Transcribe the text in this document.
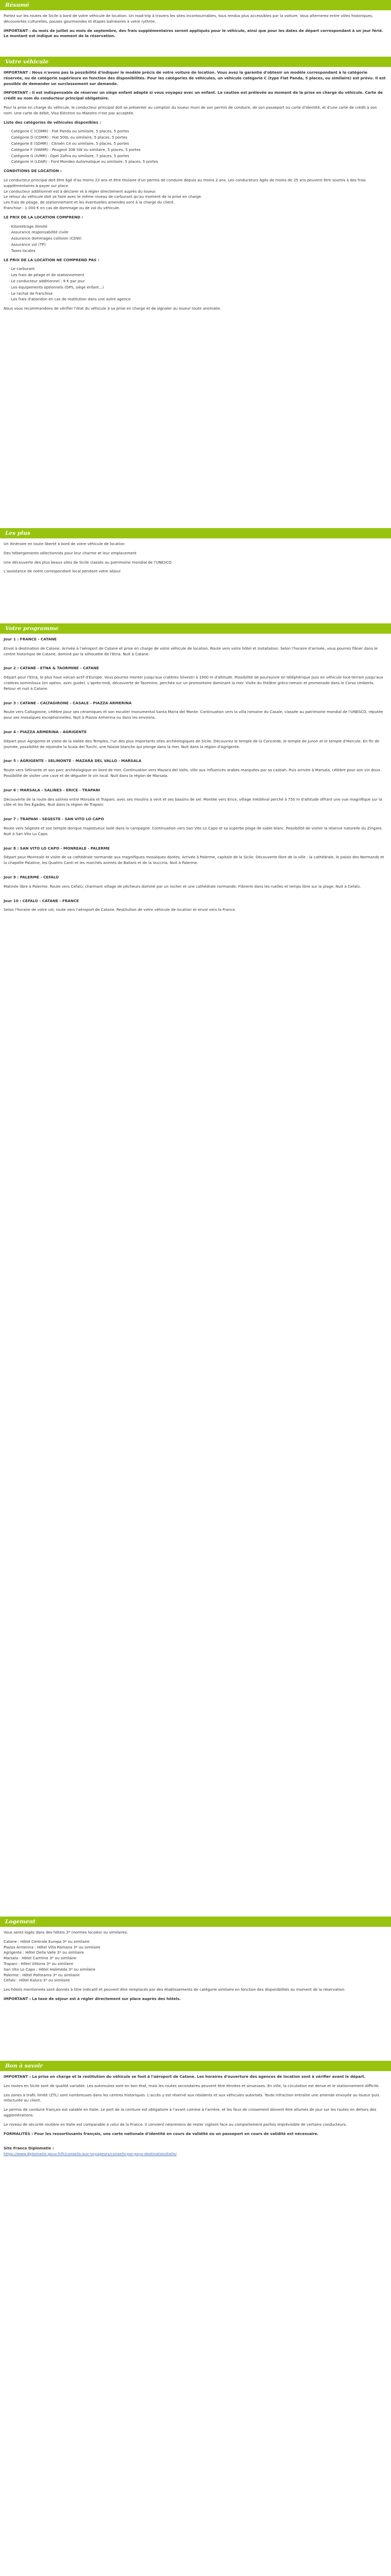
Résumé

Partez sur les routes de Sicile à bord de votre véhicule de location. Un road-trip à travers les sites incontournables, tous rendus plus accessibles par la voiture. Vous alternerez entre villes historiques, découvertes culturelles, pauses gourmandes et étapes balnéaires à votre rythme.

IMPORTANT : du mois de juillet au mois de septembre, des frais supplémentaires seront appliqués pour le véhicule, ainsi que pour les dates de départ correspondant à un jour férié. Le montant est indiqué au moment de la réservation.

Votre véhicule

IMPORTANT : Nous n'avons pas la possibilité d'indiquer le modèle précis de votre voiture de location. Vous avez la garantie d'obtenir un modèle correspondant à la catégorie réservée, ou de catégorie supérieure en fonction des disponibilités. Pour les catégories de véhicules, un véhicule catégorie C (type Fiat Panda, 5 places, ou similaire) est prévu. Il est possible de demander un surclassement sur demande.

IMPORTANT : Il est indispensable de réserver un siège enfant adapté si vous voyagez avec un enfant. La caution est prélevée au moment de la prise en charge du véhicule. Carte de crédit au nom du conducteur principal obligatoire.

Pour la prise en charge du véhicule, le conducteur principal doit se présenter au comptoir du loueur muni de son permis de conduire, de son passeport ou carte d'identité, et d'une carte de crédit à son nom. Une carte de débit, Visa Electron ou Maestro n'est pas acceptée.

Liste des catégories de véhicules disponibles :

· Catégorie C (CDMR) : Fiat Panda ou similaire, 5 places, 5 portes
· Catégorie D (CDMR) : Fiat 500L ou similaire, 5 places, 5 portes
· Catégorie E (SDMR) : Citroën C4 ou similaire, 5 places, 5 portes
· Catégorie F (SWMR) : Peugeot 308 SW ou similaire, 5 places, 5 portes
· Catégorie G (IVMR) : Opel Zafira ou similaire, 7 places, 5 portes
· Catégorie H (LDAR) : Ford Mondeo Automatique ou similaire, 5 places, 5 portes

CONDITIONS DE LOCATION :

Le conducteur principal doit être âgé d'au moins 23 ans et être titulaire d'un permis de conduire depuis au moins 2 ans. Les conducteurs âgés de moins de 25 ans peuvent être soumis à des frais supplémentaires à payer sur place.
Le conducteur additionnel est à déclarer et à régler directement auprès du loueur.
Le retour du véhicule doit se faire avec le même niveau de carburant qu'au moment de la prise en charge.
Les frais de péage, de stationnement et les éventuelles amendes sont à la charge du client.
Franchise : 1 000 € en cas de dommage ou de vol du véhicule.

LE PRIX DE LA LOCATION COMPREND :

· Kilométrage illimité
· Assurance responsabilité civile
· Assurance dommages collision (CDW)
· Assurance vol (TP)
· Taxes locales

LE PRIX DE LA LOCATION NE COMPREND PAS :

· Le carburant
· Les frais de péage et de stationnement
· Le conducteur additionnel : 9 € par jour
· Les équipements optionnels (GPS, siège enfant...)
· Le rachat de franchise
· Les frais d'abandon en cas de restitution dans une autre agence

Nous vous recommandons de vérifier l'état du véhicule à sa prise en charge et de signaler au loueur toute anomalie.

Les plus

Un itinéraire en toute liberté à bord de votre véhicule de location

Des hébergements sélectionnés pour leur charme et leur emplacement

Une découverte des plus beaux sites de Sicile classés au patrimoine mondial de l'UNESCO

L'assistance de notre correspondant local pendant votre séjour

Votre programme

Jour 1 : FRANCE - CATANE

Envol à destination de Catane. Arrivée à l'aéroport de Catane et prise en charge de votre véhicule de location. Route vers votre hôtel et installation. Selon l'horaire d'arrivée, vous pourrez flâner dans le centre historique de Catane, dominé par la silhouette de l'Etna. Nuit à Catane.

Jour 2 : CATANE - ETNA & TAORMINE - CATANE

Départ pour l'Etna, le plus haut volcan actif d'Europe. Vous pourrez monter jusqu'aux cratères Silvestri à 1900 m d'altitude. Possibilité de poursuivre en téléphérique puis en véhicule tout-terrain jusqu'aux cratères sommitaux (en option, avec guide). L'après-midi, découverte de Taormine, perchée sur un promontoire dominant la mer. Visite du théâtre gréco-romain et promenade dans le Corso Umberto. Retour et nuit à Catane.

Jour 3 : CATANE - CALTAGIRONE - CASALE - PIAZZA ARMERINA

Route vers Caltagirone, célèbre pour ses céramiques et son escalier monumental Santa Maria del Monte. Continuation vers la villa romaine du Casale, classée au patrimoine mondial de l'UNESCO, réputée pour ses mosaïques exceptionnelles. Nuit à Piazza Armerina ou dans les environs.

Jour 4 : PIAZZA ARMERINA - AGRIGENTE

Départ pour Agrigente et visite de la Vallée des Temples, l'un des plus importants sites archéologiques de Sicile. Découvrez le temple de la Concorde, le temple de Junon et le temple d'Hercule. En fin de journée, possibilité de rejoindre la Scala dei Turchi, une falaise blanche qui plonge dans la mer. Nuit dans la région d'Agrigente.

Jour 5 : AGRIGENTE - SELINONTE - MAZARA DEL VALLO - MARSALA

Route vers Sélinonte et son parc archéologique en bord de mer. Continuation vers Mazara del Vallo, ville aux influences arabes marquées par sa casbah. Puis arrivée à Marsala, célèbre pour son vin doux. Possibilité de visiter une cave et de déguster le vin local. Nuit dans la région de Marsala.

Jour 6 : MARSALA - SALINES - ERICE - TRAPANI

Découverte de la route des salines entre Marsala et Trapani, avec ses moulins à vent et ses bassins de sel. Montée vers Erice, village médiéval perché à 750 m d'altitude offrant une vue magnifique sur la côte et les îles Égades. Nuit dans la région de Trapani.

Jour 7 : TRAPANI - SEGESTE - SAN VITO LO CAPO

Route vers Ségeste et son temple dorique majestueux isolé dans la campagne. Continuation vers San Vito Lo Capo et sa superbe plage de sable blanc. Possibilité de visiter la réserve naturelle du Zingaro. Nuit à San Vito Lo Capo.

Jour 8 : SAN VITO LO CAPO - MONREALE - PALERME

Départ pour Monreale et visite de sa cathédrale normande aux magnifiques mosaïques dorées. Arrivée à Palerme, capitale de la Sicile. Découverte libre de la ville : la cathédrale, le palais des Normands et la chapelle Palatine, les Quattro Canti et les marchés animés de Ballarò et de la Vucciria. Nuit à Palerme.

Jour 9 : PALERME - CEFALÙ

Matinée libre à Palerme. Route vers Cefalù, charmant village de pêcheurs dominé par un rocher et une cathédrale normande. Flânerie dans les ruelles et temps libre sur la plage. Nuit à Cefalù.

Jour 10 : CEFALÙ - CATANE - FRANCE

Selon l'horaire de votre vol, route vers l'aéroport de Catane. Restitution de votre véhicule de location et envol vers la France.

Logement

Vous serez logés dans des hôtels 3* (normes locales) ou similaires.

Catane : Hôtel Centrale Europa 3* ou similaire
Piazza Armerina : Hôtel Villa Romana 3* ou similaire
Agrigente : Hôtel Della Valle 3* ou similaire
Marsala : Hôtel Carmine 3* ou similaire
Trapani : Hôtel Vittoria 3* ou similaire
San Vito Lo Capo : Hôtel Halimeda 3* ou similaire
Palerme : Hôtel Politeama 3* ou similaire
Cefalù : Hôtel Kalura 3* ou similaire

Les hôtels mentionnés sont donnés à titre indicatif et peuvent être remplacés par des établissements de catégorie similaire en fonction des disponibilités au moment de la réservation.

IMPORTANT : La taxe de séjour est à régler directement sur place auprès des hôtels.

Bon à savoir

IMPORTANT : La prise en charge et la restitution du véhicule se font à l'aéroport de Catane. Les horaires d'ouverture des agences de location sont à vérifier avant le départ.

Les routes en Sicile sont de qualité variable. Les autoroutes sont en bon état, mais les routes secondaires peuvent être étroites et sinueuses. En ville, la circulation est dense et le stationnement difficile.

Les zones à trafic limité (ZTL) sont nombreuses dans les centres historiques. L'accès y est réservé aux résidents et aux véhicules autorisés. Toute infraction entraîne une amende envoyée au loueur puis refacturée au client.

Le permis de conduire français est valable en Italie. Le port de la ceinture est obligatoire à l'avant comme à l'arrière, et les feux de croisement doivent être allumés de jour sur les routes en dehors des agglomérations.

Le niveau de sécurité routière en Italie est comparable à celui de la France. Il convient néanmoins de rester vigilant face au comportement parfois imprévisible de certains conducteurs.

FORMALITÉS : Pour les ressortissants français, une carte nationale d'identité en cours de validité ou un passeport en cours de validité est nécessaire.

Site France Diplomatie :
https://www.diplomatie.gouv.fr/fr/conseils-aux-voyageurs/conseils-par-pays-destination/italie/
